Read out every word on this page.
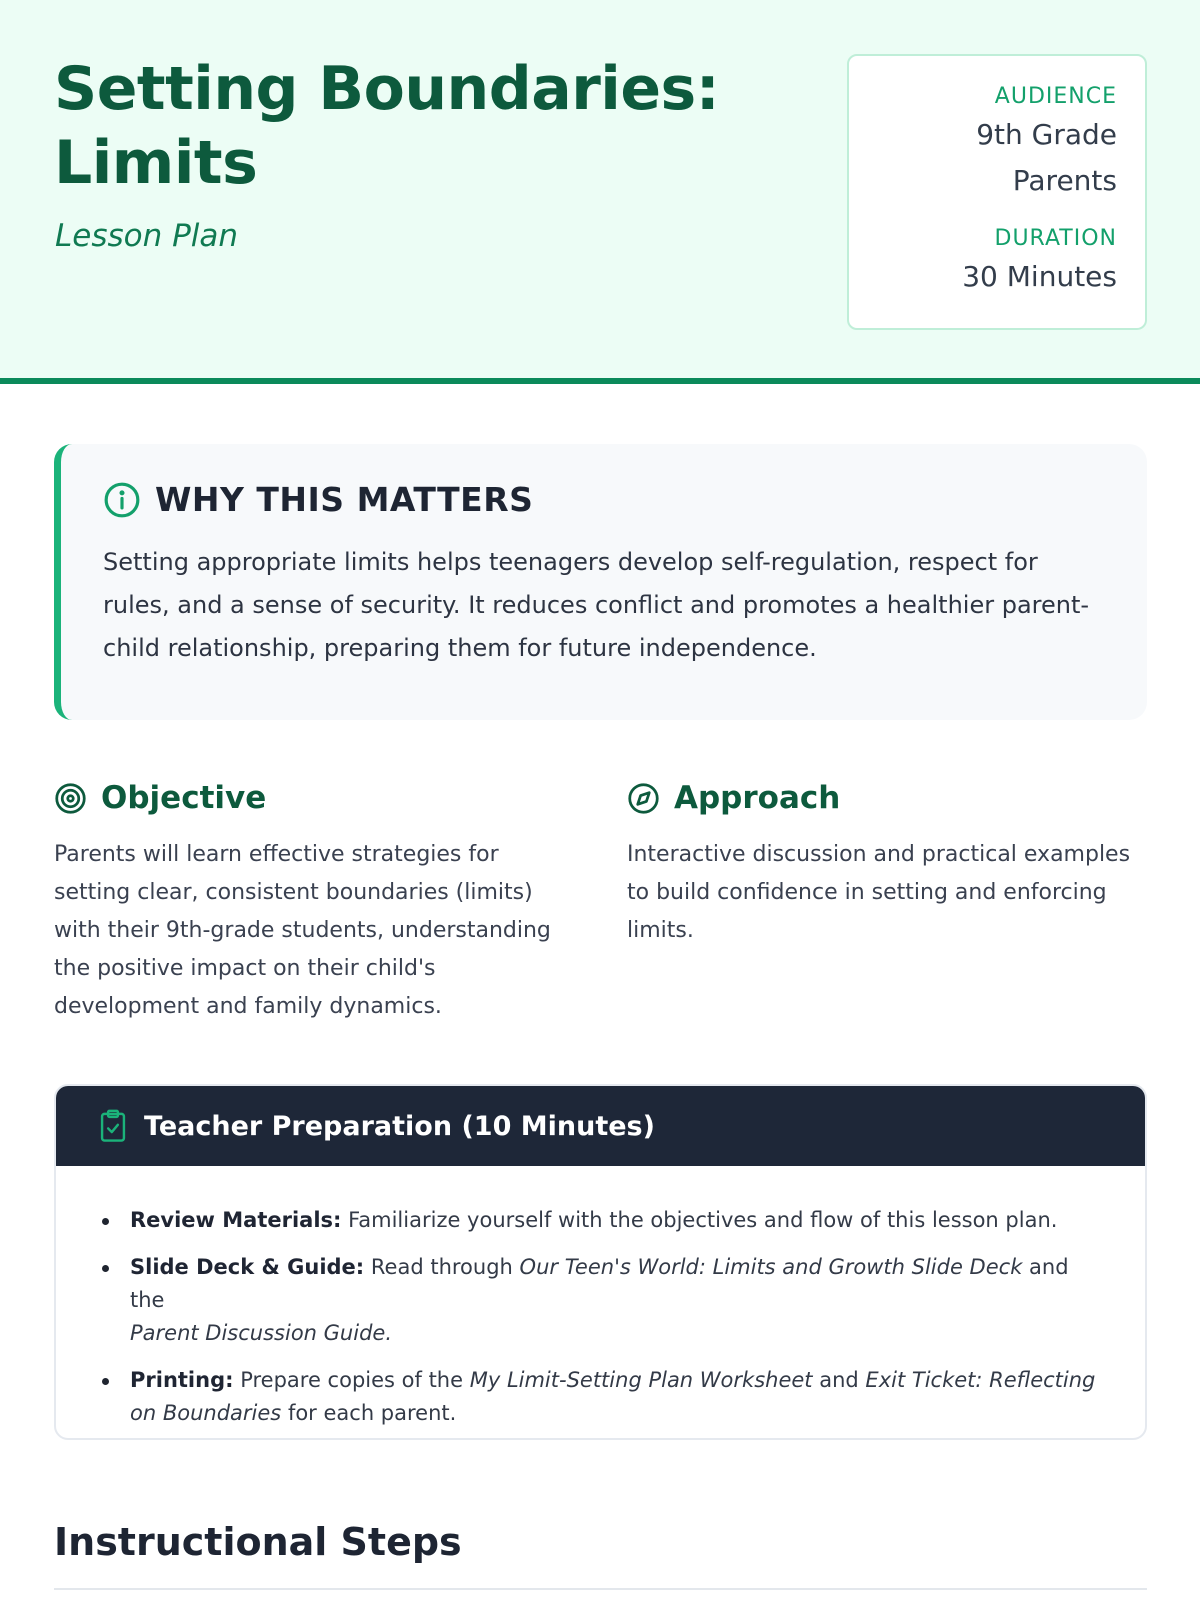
Setting Boundaries: Limits
Lesson Plan
AUDIENCE
9th Grade Parents
DURATION
30 Minutes
WHY THIS MATTERS

Setting appropriate limits helps teenagers develop self-regulation, respect for rules, and a sense of security. It reduces conflict and promotes a healthier parent-child relationship, preparing them for future independence.

Objective

Parents will learn effective strategies for setting clear, consistent boundaries (limits) with their 9th-grade students, understanding the positive impact on their child's development and family dynamics.

Approach

Interactive discussion and practical examples to build confidence in setting and enforcing limits.

Teacher Preparation (10 Minutes)
Review Materials: Familiarize yourself with the objectives and flow of this lesson plan.
Slide Deck & Guide: Read through Our Teen's World: Limits and Growth Slide Deck and the
Parent Discussion Guide.
Printing: Prepare copies of the My Limit-Setting Plan Worksheet and Exit Ticket: Reflecting on Boundaries for each parent.
Instructional Steps
